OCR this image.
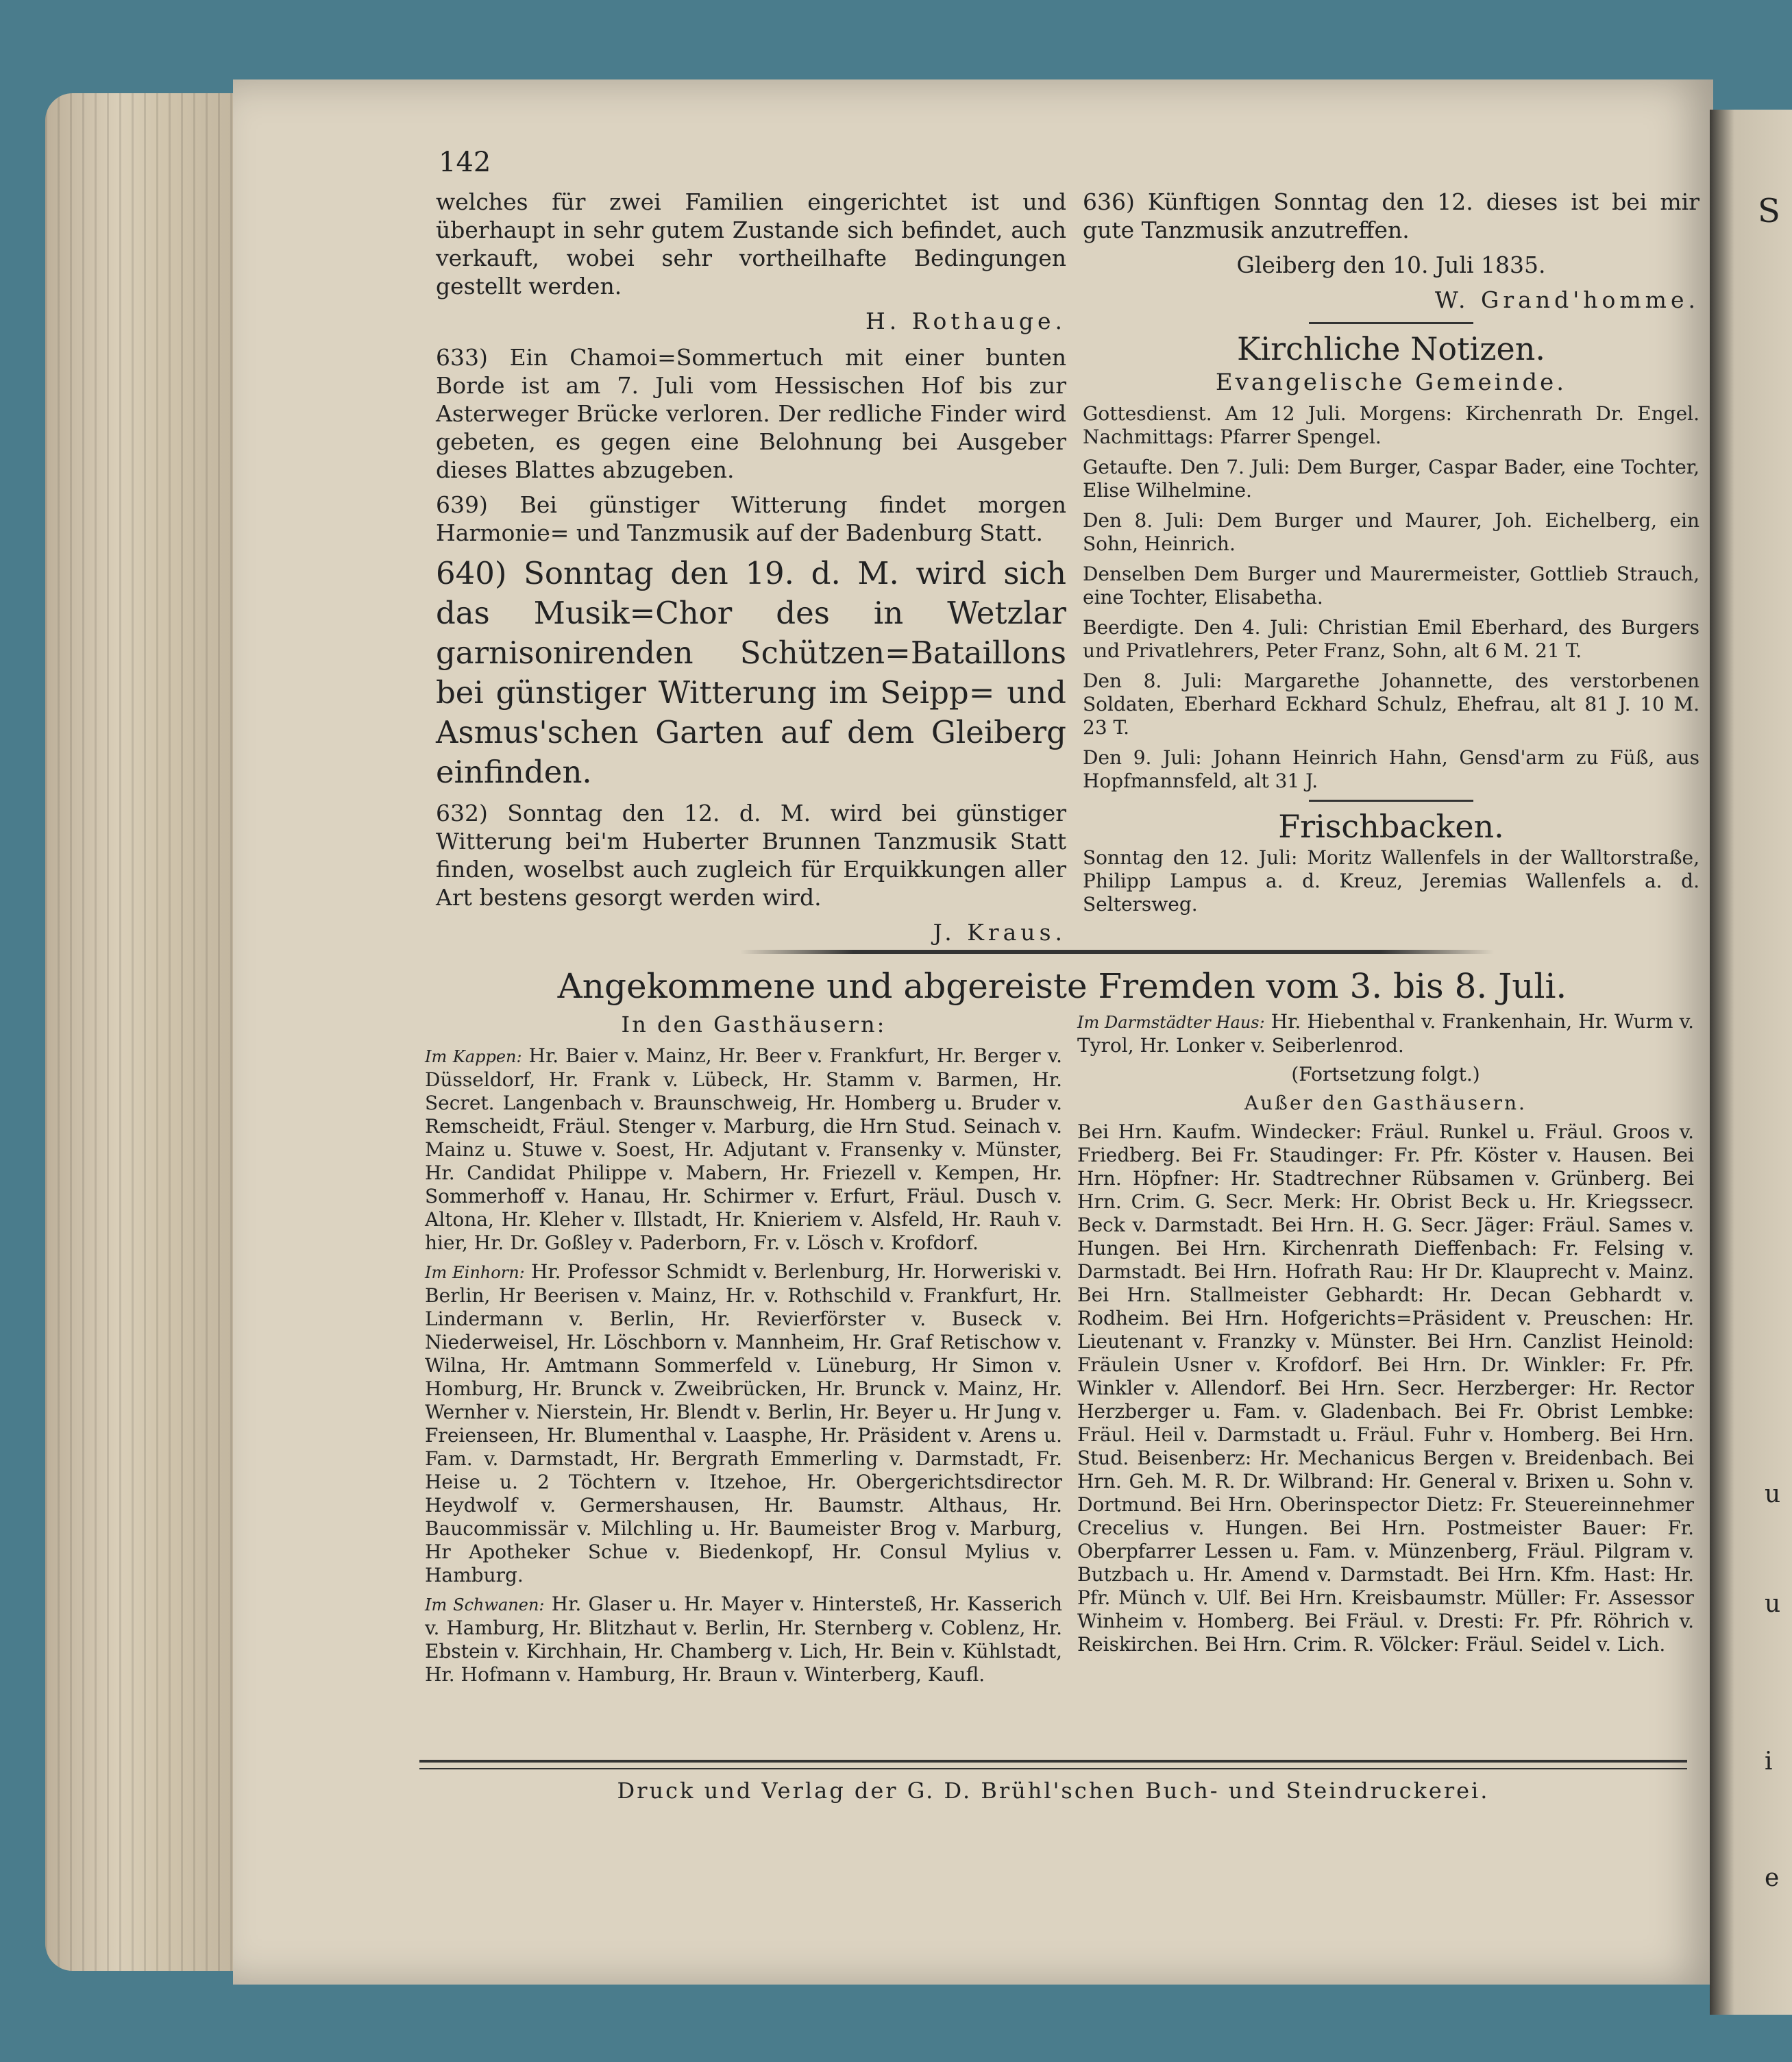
S
u
u
i
e
142

welches für zwei Familien eingerichtet ist und überhaupt in sehr gutem Zustande sich befindet, auch verkauft, wobei sehr vortheilhafte Bedingungen gestellt werden.

H. Rothauge.

633) Ein Chamoi=Sommertuch mit einer bunten Borde ist am 7. Juli vom Hessischen Hof bis zur Asterweger Brücke verloren. Der redliche Finder wird gebeten, es gegen eine Belohnung bei Ausgeber dieses Blattes abzugeben.

639) Bei günstiger Witterung findet morgen Harmonie= und Tanzmusik auf der Badenburg Statt.

640) Sonntag den 19. d. M. wird sich das Musik=Chor des in Wetzlar garnisonirenden Schützen=Bataillons bei günstiger Witterung im Seipp= und Asmus'schen Garten auf dem Gleiberg einfinden.

632) Sonntag den 12. d. M. wird bei günstiger Witterung bei'm Huberter Brunnen Tanzmusik Statt finden, woselbst auch zugleich für Erquikkungen aller Art bestens gesorgt werden wird.

J. Kraus.

636) Künftigen Sonntag den 12. dieses ist bei mir gute Tanzmusik anzutreffen.

Gleiberg den 10. Juli 1835.

W. Grand'homme.
Kirchliche Notizen.
Evangelische Gemeinde.

Gottesdienst. Am 12 Juli. Morgens: Kirchenrath Dr. Engel. Nachmittags: Pfarrer Spengel.

Getaufte. Den 7. Juli: Dem Burger, Caspar Bader, eine Tochter, Elise Wilhelmine.

Den 8. Juli: Dem Burger und Maurer, Joh. Eichelberg, ein Sohn, Heinrich.

Denselben Dem Burger und Maurermeister, Gottlieb Strauch, eine Tochter, Elisabetha.

Beerdigte. Den 4. Juli: Christian Emil Eberhard, des Burgers und Privatlehrers, Peter Franz, Sohn, alt 6 M. 21 T.

Den 8. Juli: Margarethe Johannette, des verstorbenen Soldaten, Eberhard Eckhard Schulz, Ehefrau, alt 81 J. 10 M. 23 T.

Den 9. Juli: Johann Heinrich Hahn, Gensd'arm zu Füß, aus Hopfmannsfeld, alt 31 J.

Frischbacken.

Sonntag den 12. Juli: Moritz Wallenfels in der Walltorstraße, Philipp Lampus a. d. Kreuz, Jeremias Wallenfels a. d. Seltersweg.

Angekommene und abgereiste Fremden vom 3. bis 8. Juli.
In den Gasthäusern:

Im Kappen: Hr. Baier v. Mainz, Hr. Beer v. Frankfurt, Hr. Berger v. Düsseldorf, Hr. Frank v. Lübeck, Hr. Stamm v. Barmen, Hr. Secret. Langenbach v. Braunschweig, Hr. Homberg u. Bruder v. Remscheidt, Fräul. Stenger v. Marburg, die Hrn Stud. Seinach v. Mainz u. Stuwe v. Soest, Hr. Adjutant v. Fransenky v. Münster, Hr. Candidat Philippe v. Mabern, Hr. Friezell v. Kempen, Hr. Sommerhoff v. Hanau, Hr. Schirmer v. Erfurt, Fräul. Dusch v. Altona, Hr. Kleher v. Illstadt, Hr. Knieriem v. Alsfeld, Hr. Rauh v. hier, Hr. Dr. Goßley v. Paderborn, Fr. v. Lösch v. Krofdorf.

Im Einhorn: Hr. Professor Schmidt v. Berlenburg, Hr. Horweriski v. Berlin, Hr Beerisen v. Mainz, Hr. v. Rothschild v. Frankfurt, Hr. Lindermann v. Berlin, Hr. Revierförster v. Buseck v. Niederweisel, Hr. Löschborn v. Mannheim, Hr. Graf Retischow v. Wilna, Hr. Amtmann Sommerfeld v. Lüneburg, Hr Simon v. Homburg, Hr. Brunck v. Zweibrücken, Hr. Brunck v. Mainz, Hr. Wernher v. Nierstein, Hr. Blendt v. Berlin, Hr. Beyer u. Hr Jung v. Freienseen, Hr. Blumenthal v. Laasphe, Hr. Präsident v. Arens u. Fam. v. Darmstadt, Hr. Bergrath Emmerling v. Darmstadt, Fr. Heise u. 2 Töchtern v. Itzehoe, Hr. Obergerichtsdirector Heydwolf v. Germershausen, Hr. Baumstr. Althaus, Hr. Baucommissär v. Milchling u. Hr. Baumeister Brog v. Marburg, Hr Apotheker Schue v. Biedenkopf, Hr. Consul Mylius v. Hamburg.

Im Schwanen: Hr. Glaser u. Hr. Mayer v. Hintersteß, Hr. Kasserich v. Hamburg, Hr. Blitzhaut v. Berlin, Hr. Sternberg v. Coblenz, Hr. Ebstein v. Kirchhain, Hr. Chamberg v. Lich, Hr. Bein v. Kühlstadt, Hr. Hofmann v. Hamburg, Hr. Braun v. Winterberg, Kaufl.

Im Darmstädter Haus: Hr. Hiebenthal v. Frankenhain, Hr. Wurm v. Tyrol, Hr. Lonker v. Seiberlenrod.

(Fortsetzung folgt.)

Außer den Gasthäusern.

Bei Hrn. Kaufm. Windecker: Fräul. Runkel u. Fräul. Groos v. Friedberg. Bei Fr. Staudinger: Fr. Pfr. Köster v. Hausen. Bei Hrn. Höpfner: Hr. Stadtrechner Rübsamen v. Grünberg. Bei Hrn. Crim. G. Secr. Merk: Hr. Obrist Beck u. Hr. Kriegssecr. Beck v. Darmstadt. Bei Hrn. H. G. Secr. Jäger: Fräul. Sames v. Hungen. Bei Hrn. Kirchenrath Dieffenbach: Fr. Felsing v. Darmstadt. Bei Hrn. Hofrath Rau: Hr Dr. Klauprecht v. Mainz. Bei Hrn. Stallmeister Gebhardt: Hr. Decan Gebhardt v. Rodheim. Bei Hrn. Hofgerichts=Präsident v. Preuschen: Hr. Lieutenant v. Franzky v. Münster. Bei Hrn. Canzlist Heinold: Fräulein Usner v. Krofdorf. Bei Hrn. Dr. Winkler: Fr. Pfr. Winkler v. Allendorf. Bei Hrn. Secr. Herzberger: Hr. Rector Herzberger u. Fam. v. Gladenbach. Bei Fr. Obrist Lembke: Fräul. Heil v. Darmstadt u. Fräul. Fuhr v. Homberg. Bei Hrn. Stud. Beisenberz: Hr. Mechanicus Bergen v. Breidenbach. Bei Hrn. Geh. M. R. Dr. Wilbrand: Hr. General v. Brixen u. Sohn v. Dortmund. Bei Hrn. Oberinspector Dietz: Fr. Steuereinnehmer Crecelius v. Hungen. Bei Hrn. Postmeister Bauer: Fr. Oberpfarrer Lessen u. Fam. v. Münzenberg, Fräul. Pilgram v. Butzbach u. Hr. Amend v. Darmstadt. Bei Hrn. Kfm. Hast: Hr. Pfr. Münch v. Ulf. Bei Hrn. Kreisbaumstr. Müller: Fr. Assessor Winheim v. Homberg. Bei Fräul. v. Dresti: Fr. Pfr. Röhrich v. Reiskirchen. Bei Hrn. Crim. R. Völcker: Fräul. Seidel v. Lich.

Druck und Verlag der G. D. Brühl'schen Buch- und Steindruckerei.
